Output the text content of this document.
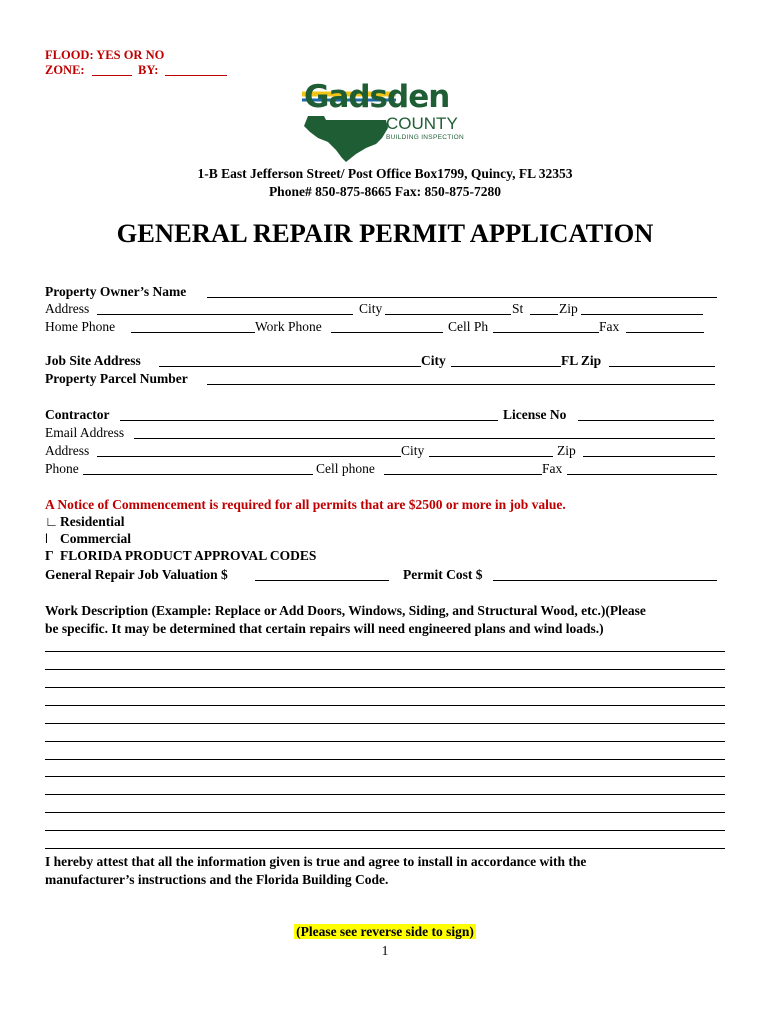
FLOOD: YES OR NO
ZONE:	BY:
Gadsden
COUNTY
BUILDING INSPECTION
1-B East Jefferson Street/ Post Office Box1799, Quincy, FL 32353
Phone# 850-875-8665 Fax: 850-875-7280
GENERAL REPAIR PERMIT APPLICATION
Property Owner’s Name
Address	City	St	Zip
Home Phone	Work Phone	Cell Ph	Fax
Job Site Address	City	FL Zip
Property Parcel Number
Contractor	License No
Email Address
Address	City	Zip
Phone	Cell phone	Fax
A Notice of Commencement is required for all permits that are $2500 or more in job value.
∟ Residential
ǀ Commercial
Г FLORIDA PRODUCT APPROVAL CODES
General Repair Job Valuation $	Permit Cost $
Work Description (Example: Replace or Add Doors, Windows, Siding, and Structural Wood, etc.)(Please
be specific. It may be determined that certain repairs will need engineered plans and wind loads.)
I hereby attest that all the information given is true and agree to install in accordance with the
manufacturer’s instructions and the Florida Building Code.
(Please see reverse side to sign)
1
